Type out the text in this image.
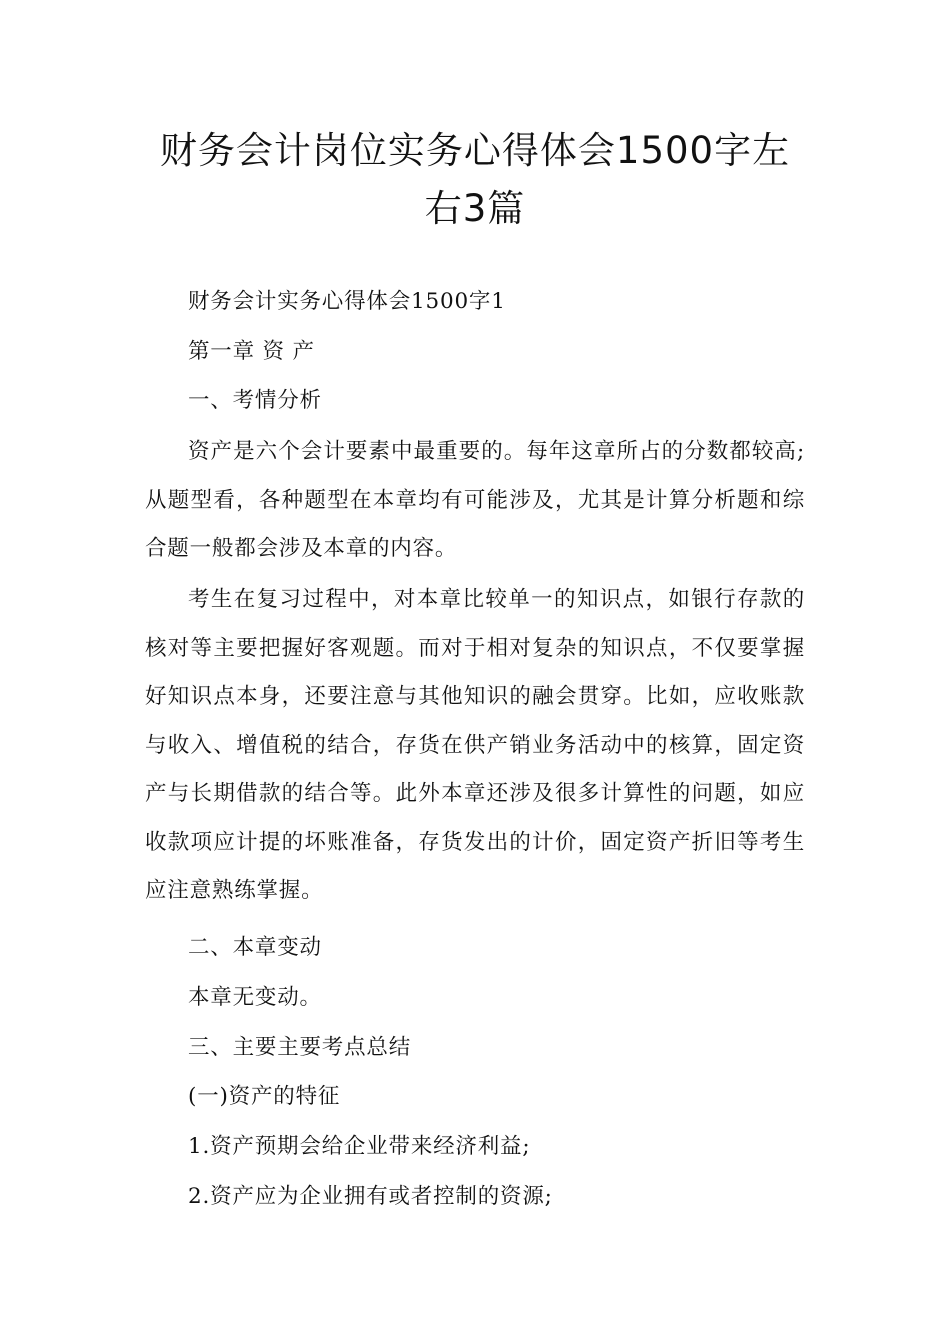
财务会计岗位实务心得体会1500字左右3篇

财务会计实务心得体会1500字1

第一章 资 产

一、考情分析

资产是六个会计要素中最重要的。每年这章所占的分数都较高;从题型看，各种题型在本章均有可能涉及，尤其是计算分析题和综合题一般都会涉及本章的内容。

考生在复习过程中，对本章比较单一的知识点，如银行存款的核对等主要把握好客观题。而对于相对复杂的知识点，不仅要掌握好知识点本身，还要注意与其他知识的融会贯穿。比如，应收账款与收入、增值税的结合，存货在供产销业务活动中的核算，固定资产与长期借款的结合等。此外本章还涉及很多计算性的问题，如应收款项应计提的坏账准备，存货发出的计价，固定资产折旧等考生应注意熟练掌握。

二、本章变动

本章无变动。

三、主要主要考点总结

(一)资产的特征

1.资产预期会给企业带来经济利益;

2.资产应为企业拥有或者控制的资源;
